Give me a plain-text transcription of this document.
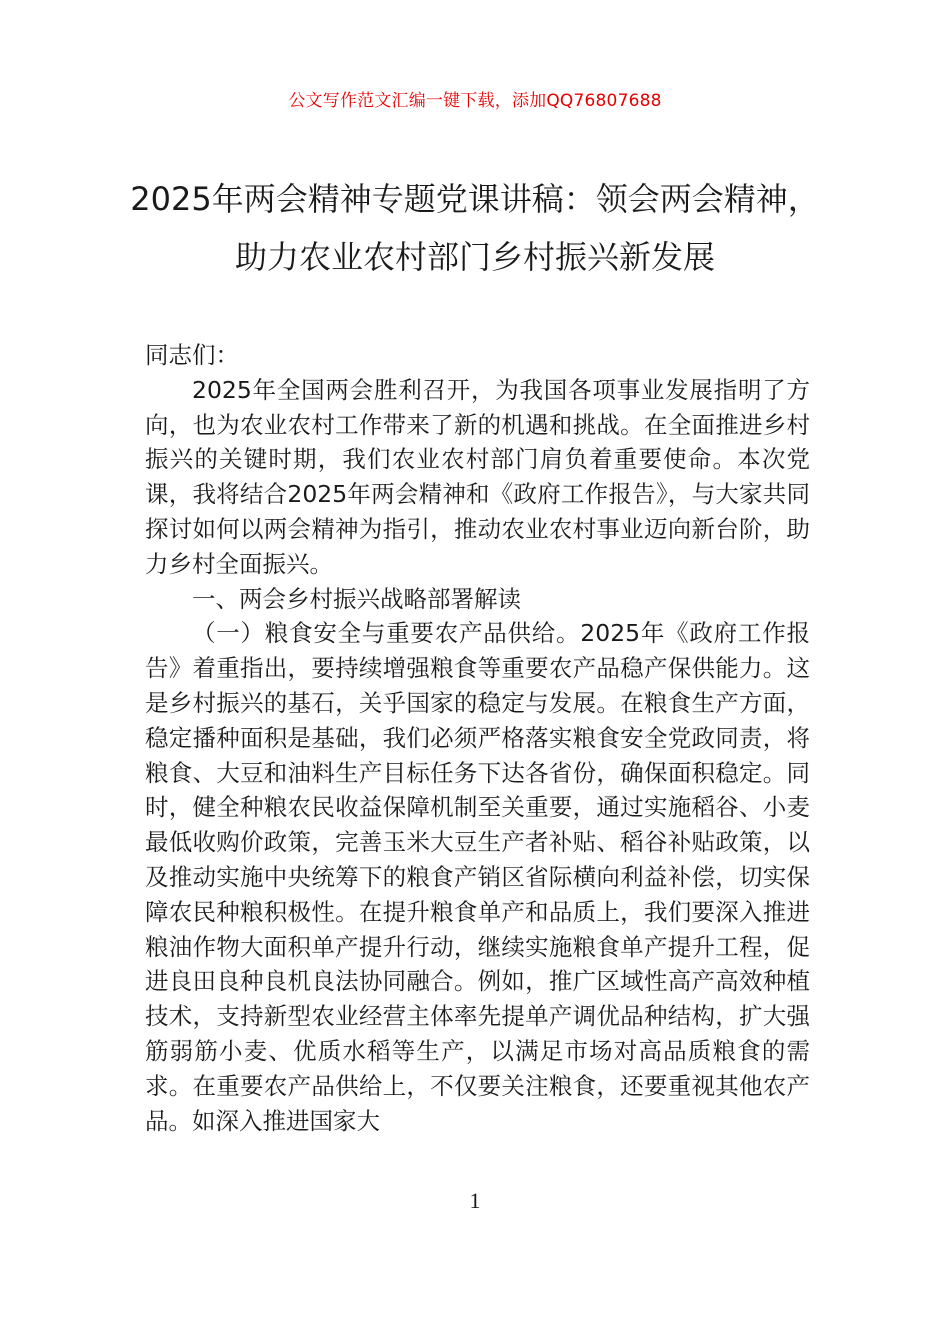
公文写作范文汇编一键下载，添加QQ76807688
2025年两会精神专题党课讲稿：领会两会精神，助力农业农村部门乡村振兴新发展

同志们：

2025年全国两会胜利召开，为我国各项事业发展指明了方向，也为农业农村工作带来了新的机遇和挑战。在全面推进乡村振兴的关键时期，我们农业农村部门肩负着重要使命。本次党课，我将结合2025年两会精神和《政府工作报告》，与大家共同探讨如何以两会精神为指引，推动农业农村事业迈向新台阶，助力乡村全面振兴。

一、两会乡村振兴战略部署解读

（一）粮食安全与重要农产品供给。2025年《政府工作报告》着重指出，要持续增强粮食等重要农产品稳产保供能力。这是乡村振兴的基石，关乎国家的稳定与发展。在粮食生产方面，稳定播种面积是基础，我们必须严格落实粮食安全党政同责，将粮食、大豆和油料生产目标任务下达各省份，确保面积稳定。同时，健全种粮农民收益保障机制至关重要，通过实施稻谷、小麦最低收购价政策，完善玉米大豆生产者补贴、稻谷补贴政策，以及推动实施中央统筹下的粮食产销区省际横向利益补偿，切实保障农民种粮积极性。在提升粮食单产和品质上，我们要深入推进粮油作物大面积单产提升行动，继续实施粮食单产提升工程，促进良田良种良机良法协同融合。例如，推广区域性高产高效种植技术，支持新型农业经营主体率先提单产调优品种结构，扩大强筋弱筋小麦、优质水稻等生产，以满足市场对高品质粮食的需求。在重要农产品供给上，不仅要关注粮食，还要重视其他农产品。如深入推进国家大

1
